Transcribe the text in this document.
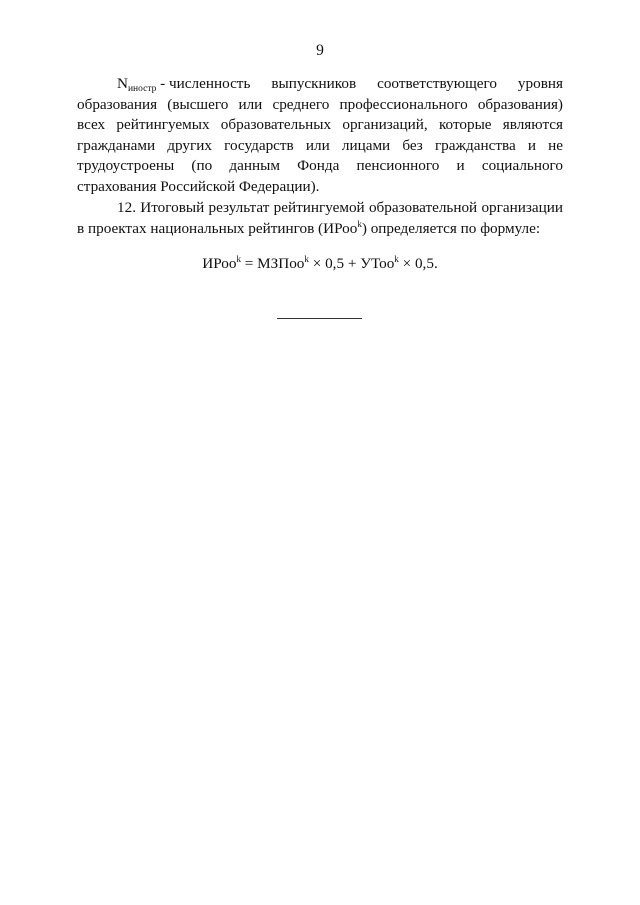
9
$N_{иностр}$ - численность выпускников соответствующего уровня

образования (высшего или среднего профессионального образования) всех рейтингуемых образовательных организаций, которые являются гражданами других государств или лицами без гражданства и не трудоустроены (по данным Фонда пенсионного и социального страхования Российской Федерации).

12. Итоговый результат рейтингуемой образовательной организации в проектах национальных рейтингов (ИРоо$^k$) определяется по формуле:
ИРоо$^k$ = МЗПоо$^k$ × 0,5 + УТоо$^k$ × 0,5.
